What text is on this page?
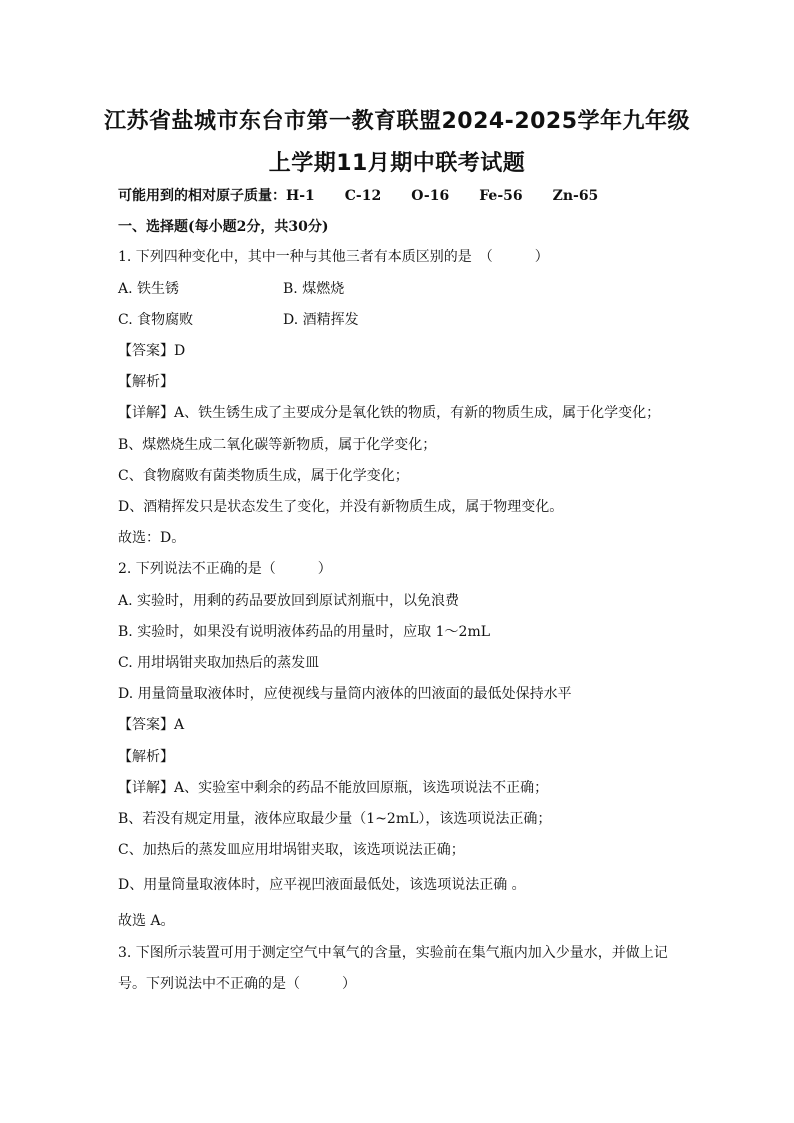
江苏省盐城市东台市第一教育联盟2024-2025学年九年级
上学期11月期中联考试题
可能用到的相对原子质量：H-1 C-12 O-16 Fe-56 Zn-65
一、选择题(每小题2分，共30分)
1. 下列四种变化中，其中一种与其他三者有本质区别的是　（　　　）
A. 铁生锈	B. 煤燃烧
C. 食物腐败	D. 酒精挥发
【答案】D
【解析】
【详解】A、铁生锈生成了主要成分是氧化铁的物质，有新的物质生成，属于化学变化；
B、煤燃烧生成二氧化碳等新物质，属于化学变化；
C、食物腐败有菌类物质生成，属于化学变化；
D、酒精挥发只是状态发生了变化，并没有新物质生成，属于物理变化。
故选：D。
2. 下列说法不正确的是（　　　）
A. 实验时，用剩的药品要放回到原试剂瓶中，以免浪费
B. 实验时，如果没有说明液体药品的用量时，应取 1～2mL
C. 用坩埚钳夹取加热后的蒸发皿
D. 用量筒量取液体时，应使视线与量筒内液体的凹液面的最低处保持水平
【答案】A
【解析】
【详解】A、实验室中剩余的药品不能放回原瓶，该选项说法不正确；
B、若没有规定用量，液体应取最少量（1~2mL），该选项说法正确；
C、加热后的蒸发皿应用坩埚钳夹取，该选项说法正确；
D、用量筒量取液体时，应平视凹液面最低处，该选项说法正确 。
故选 A。
3. 下图所示装置可用于测定空气中氧气的含量，实验前在集气瓶内加入少量水，并做上记
号。下列说法中不正确的是（　　　）
